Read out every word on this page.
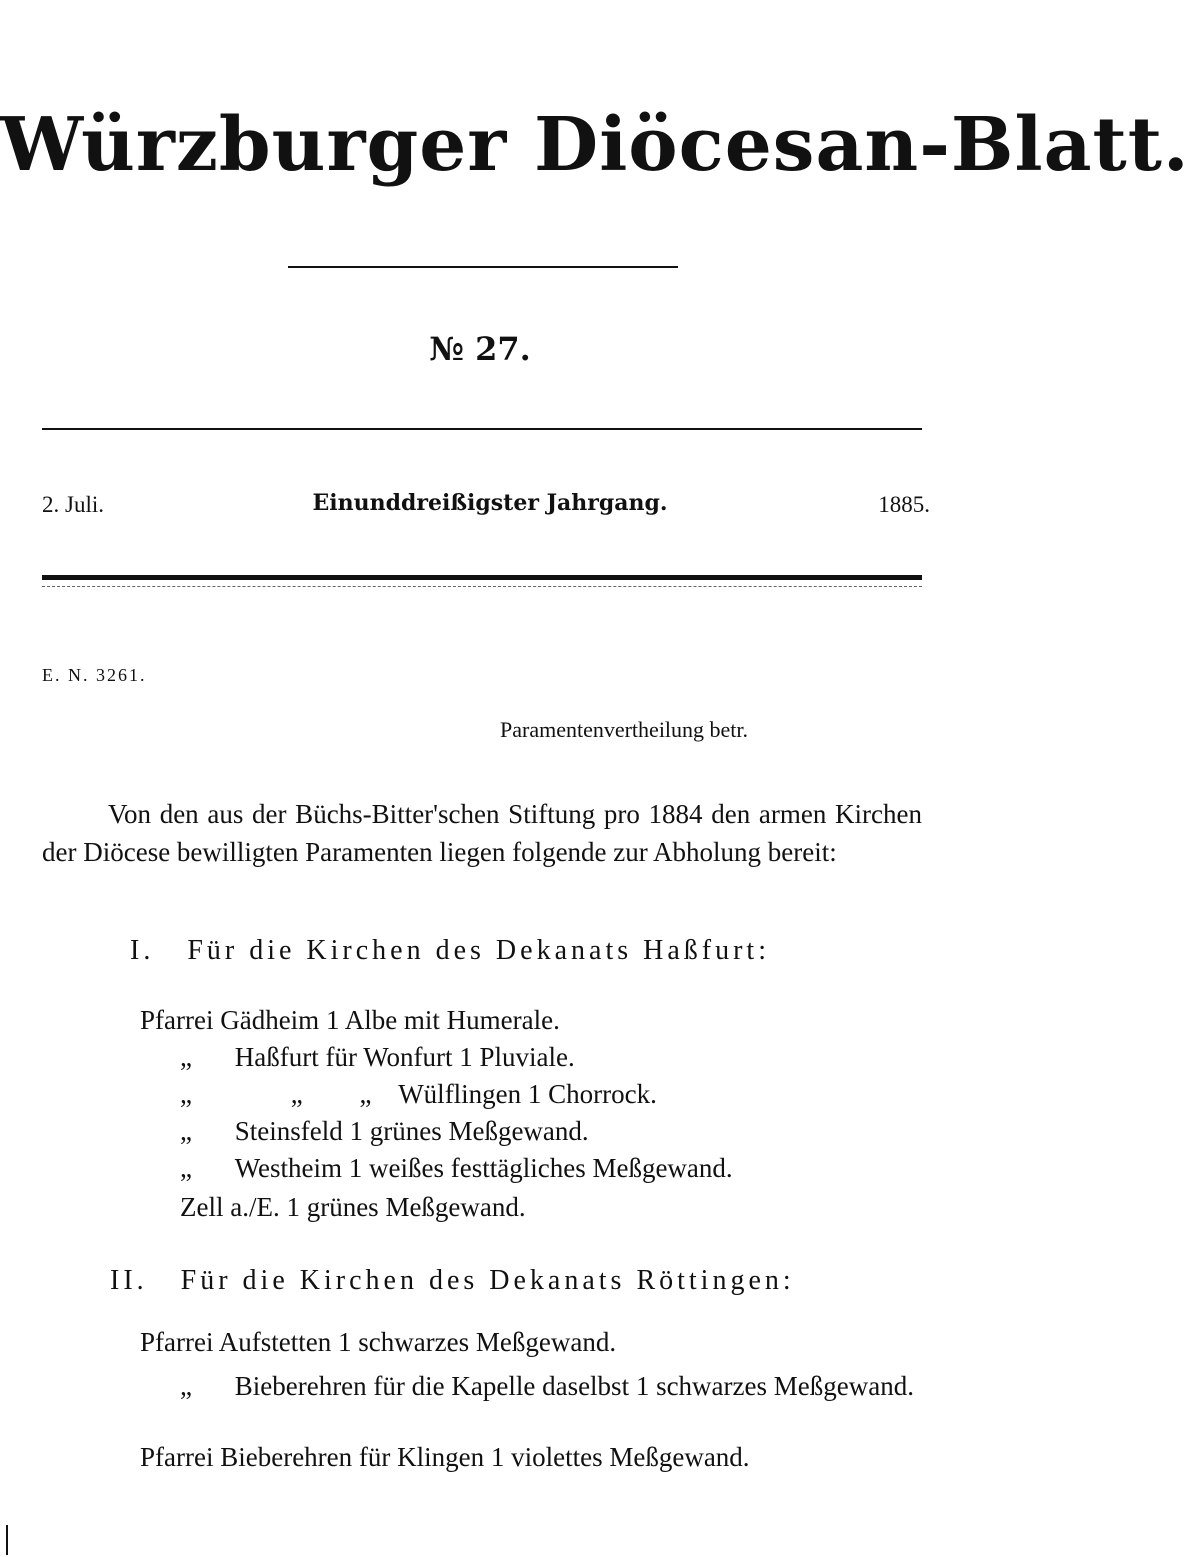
Würzburger Diöcesan-Blatt.
№ 27.
2. Juli.	Einunddreißigster Jahrgang.	1885.
E. N. 3261.
Paramentenvertheilung betr.
Von den aus der Büchs-Bitter'schen Stiftung pro 1884 den armen Kirchen der Diöcese bewilligten Paramenten liegen folgende zur Abholung bereit:
I. Für die Kirchen des Dekanats Haßfurt:
Pfarrei Gädheim 1 Albe mit Humerale.
„ Haßfurt für Wonfurt 1 Pluviale.
„	„ „ Wülflingen 1 Chorrock.
„ Steinsfeld 1 grünes Meßgewand.
„ Westheim 1 weißes festtägliches Meßgewand.
Zell a./E. 1 grünes Meßgewand.
II. Für die Kirchen des Dekanats Röttingen:
Pfarrei Aufstetten 1 schwarzes Meßgewand.
„ Bieberehren für die Kapelle daselbst 1 schwarzes Meßgewand.
Pfarrei Bieberehren für Klingen 1 violettes Meßgewand.
